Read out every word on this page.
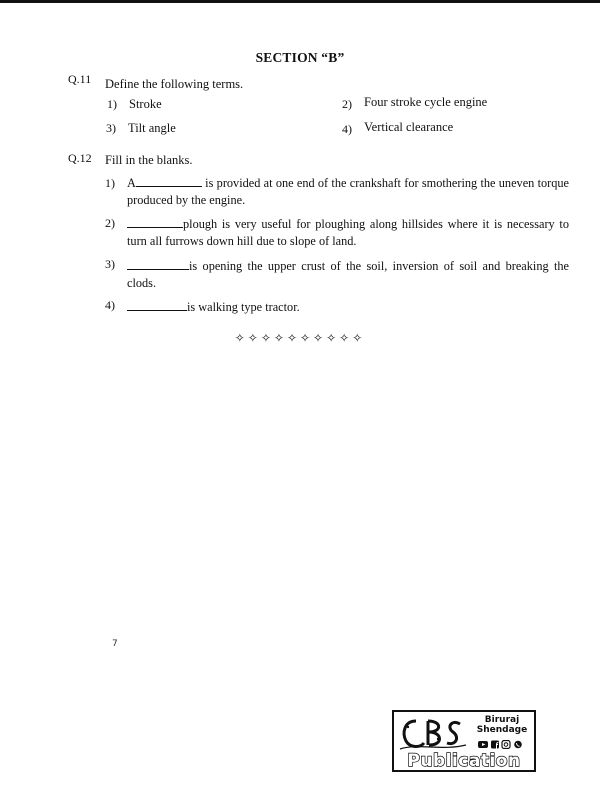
SECTION “B”
Q.11 Define the following terms.
1) Stroke	2) Four stroke cycle engine
3) Tilt angle	4) Vertical clearance
Q.12 Fill in the blanks.
1) A	is provided at one end of the crankshaft for smothering the uneven torque produced by the engine.
2)	plough is very useful for ploughing along hillsides where it is necessary to turn all furrows down hill due to slope of land.
3)	is opening the upper crust of the soil, inversion of soil and breaking the clods.
4)	is walking type tractor.
✧✧✧✧✧✧✧✧✧✧
7
Biruraj
Shendage
Publication
